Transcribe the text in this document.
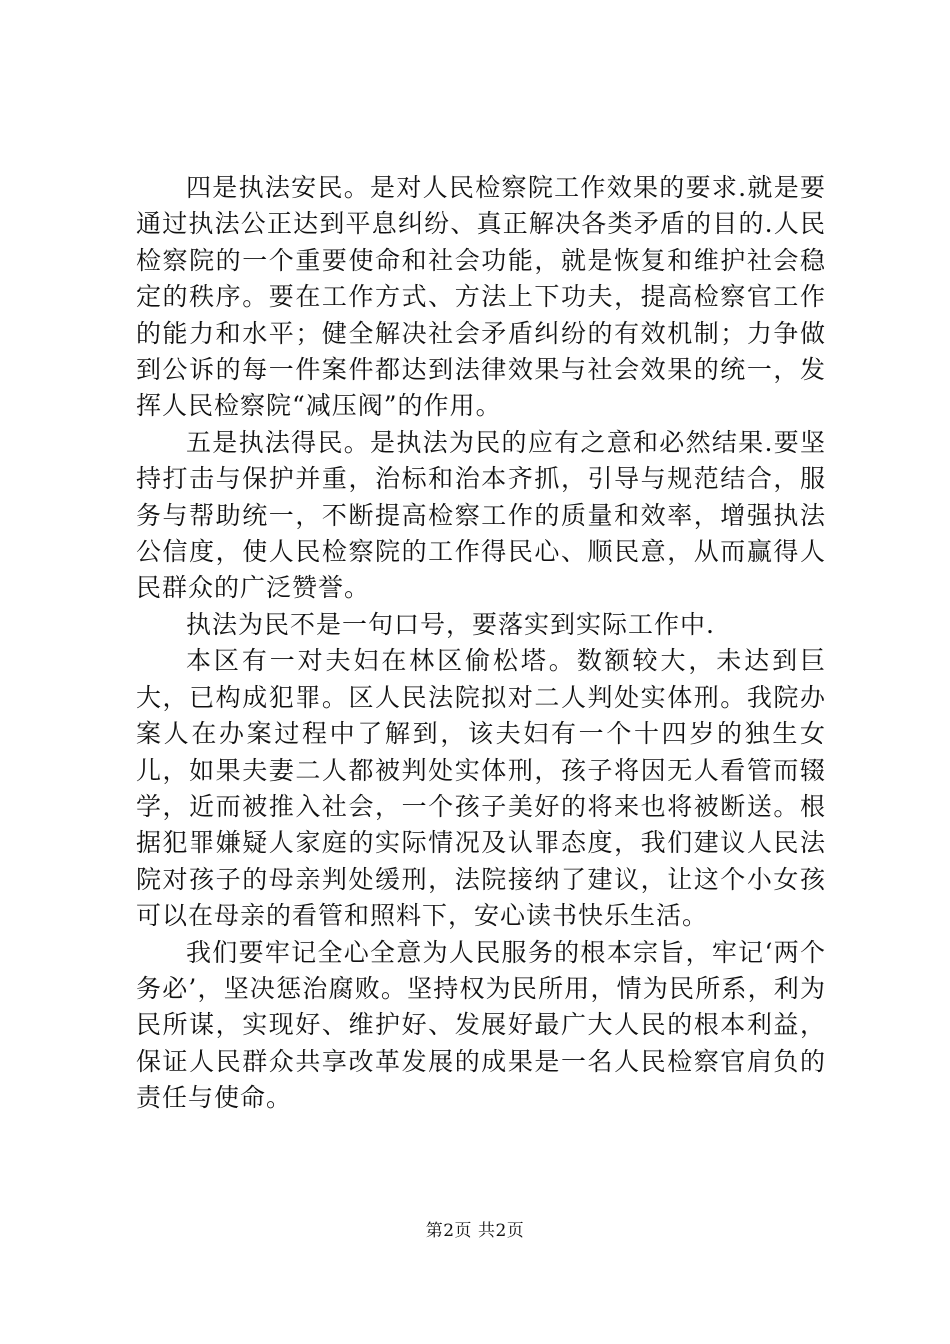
四是执法安民。是对人民检察院工作效果的要求.就是要通过执法公正达到平息纠纷、真正解决各类矛盾的目的.人民检察院的一个重要使命和社会功能，就是恢复和维护社会稳定的秩序。要在工作方式、方法上下功夫，提高检察官工作的能力和水平；健全解决社会矛盾纠纷的有效机制；力争做到公诉的每一件案件都达到法律效果与社会效果的统一，发挥人民检察院“减压阀”的作用。

五是执法得民。是执法为民的应有之意和必然结果.要坚持打击与保护并重，治标和治本齐抓，引导与规范结合，服务与帮助统一，不断提高检察工作的质量和效率，增强执法公信度，使人民检察院的工作得民心、顺民意，从而赢得人民群众的广泛赞誉。

执法为民不是一句口号，要落实到实际工作中.

本区有一对夫妇在林区偷松塔。数额较大，未达到巨大，已构成犯罪。区人民法院拟对二人判处实体刑。我院办案人在办案过程中了解到，该夫妇有一个十四岁的独生女儿，如果夫妻二人都被判处实体刑，孩子将因无人看管而辍学，近而被推入社会，一个孩子美好的将来也将被断送。根据犯罪嫌疑人家庭的实际情况及认罪态度，我们建议人民法院对孩子的母亲判处缓刑，法院接纳了建议，让这个小女孩可以在母亲的看管和照料下，安心读书快乐生活。

我们要牢记全心全意为人民服务的根本宗旨，牢记‘两个务必’，坚决惩治腐败。坚持权为民所用，情为民所系，利为民所谋，实现好、维护好、发展好最广大人民的根本利益，保证人民群众共享改革发展的成果是一名人民检察官肩负的责任与使命。

第2页 共2页
